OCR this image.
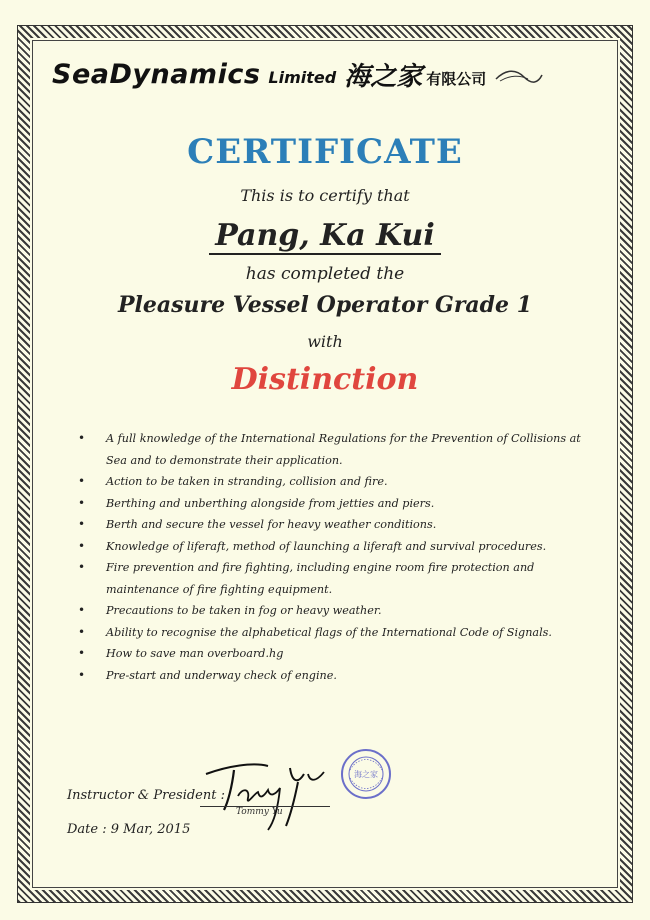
SeaDynamics Limited 海之家 有限公司
CERTIFICATE
This is to certify that
Pang, Ka Kui
has completed the
Pleasure Vessel Operator Grade 1
with
Distinction
• A full knowledge of the International Regulations for the Prevention of Collisions at Sea and to demonstrate their application.
• Action to be taken in stranding, collision and fire.
• Berthing and unberthing alongside from jetties and piers.
• Berth and secure the vessel for heavy weather conditions.
• Knowledge of liferaft, method of launching a liferaft and survival procedures.
• Fire prevention and fire fighting, including engine room fire protection and maintenance of fire fighting equipment.
• Precautions to be taken in fog or heavy weather.
• Ability to recognise the alphabetical flags of the International Code of Signals.
• How to save man overboard.hg
• Pre-start and underway check of engine.
Instructor & President :
Tommy Yu
海之家
Date : 9 Mar, 2015
